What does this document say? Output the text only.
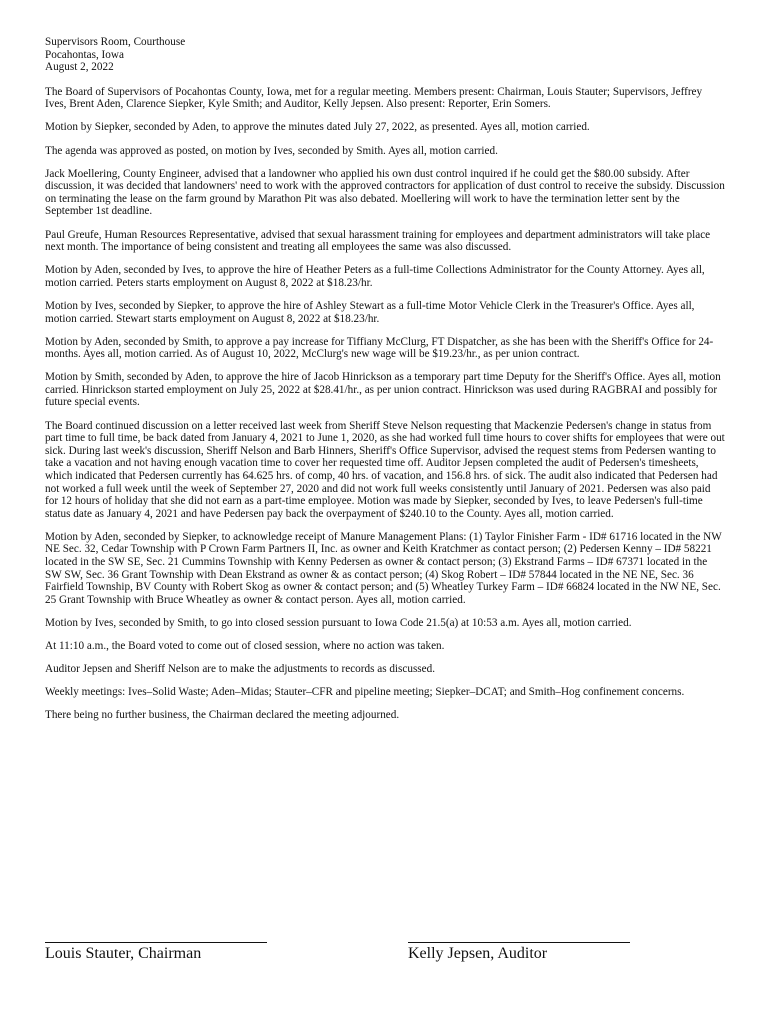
Supervisors Room, Courthouse
Pocahontas, Iowa
August 2, 2022

The Board of Supervisors of Pocahontas County, Iowa, met for a regular meeting. Members present: Chairman, Louis Stauter; Supervisors, Jeffrey Ives, Brent Aden, Clarence Siepker, Kyle Smith; and Auditor, Kelly Jepsen. Also present: Reporter, Erin Somers.

Motion by Siepker, seconded by Aden, to approve the minutes dated July 27, 2022, as presented. Ayes all, motion carried.

The agenda was approved as posted, on motion by Ives, seconded by Smith. Ayes all, motion carried.

Jack Moellering, County Engineer, advised that a landowner who applied his own dust control inquired if he could get the $80.00 subsidy. After discussion, it was decided that landowners' need to work with the approved contractors for application of dust control to receive the subsidy. Discussion on terminating the lease on the farm ground by Marathon Pit was also debated. Moellering will work to have the termination letter sent by the September 1st deadline.

Paul Greufe, Human Resources Representative, advised that sexual harassment training for employees and department administrators will take place next month. The importance of being consistent and treating all employees the same was also discussed.

Motion by Aden, seconded by Ives, to approve the hire of Heather Peters as a full-time Collections Administrator for the County Attorney. Ayes all, motion carried. Peters starts employment on August 8, 2022 at $18.23/hr.

Motion by Ives, seconded by Siepker, to approve the hire of Ashley Stewart as a full-time Motor Vehicle Clerk in the Treasurer's Office. Ayes all, motion carried. Stewart starts employment on August 8, 2022 at $18.23/hr.

Motion by Aden, seconded by Smith, to approve a pay increase for Tiffiany McClurg, FT Dispatcher, as she has been with the Sheriff's Office for 24-months. Ayes all, motion carried. As of August 10, 2022, McClurg's new wage will be $19.23/hr., as per union contract.

Motion by Smith, seconded by Aden, to approve the hire of Jacob Hinrickson as a temporary part time Deputy for the Sheriff's Office. Ayes all, motion carried. Hinrickson started employment on July 25, 2022 at $28.41/hr., as per union contract. Hinrickson was used during RAGBRAI and possibly for future special events.

The Board continued discussion on a letter received last week from Sheriff Steve Nelson requesting that Mackenzie Pedersen's change in status from part time to full time, be back dated from January 4, 2021 to June 1, 2020, as she had worked full time hours to cover shifts for employees that were out sick. During last week's discussion, Sheriff Nelson and Barb Hinners, Sheriff's Office Supervisor, advised the request stems from Pedersen wanting to take a vacation and not having enough vacation time to cover her requested time off. Auditor Jepsen completed the audit of Pedersen's timesheets, which indicated that Pedersen currently has 64.625 hrs. of comp, 40 hrs. of vacation, and 156.8 hrs. of sick. The audit also indicated that Pedersen had not worked a full week until the week of September 27, 2020 and did not work full weeks consistently until January of 2021. Pedersen was also paid for 12 hours of holiday that she did not earn as a part-time employee. Motion was made by Siepker, seconded by Ives, to leave Pedersen's full-time status date as January 4, 2021 and have Pedersen pay back the overpayment of $240.10 to the County. Ayes all, motion carried.

Motion by Aden, seconded by Siepker, to acknowledge receipt of Manure Management Plans: (1) Taylor Finisher Farm - ID# 61716 located in the NW NE Sec. 32, Cedar Township with P Crown Farm Partners II, Inc. as owner and Keith Kratchmer as contact person; (2) Pedersen Kenny – ID# 58221 located in the SW SE, Sec. 21 Cummins Township with Kenny Pedersen as owner & contact person; (3) Ekstrand Farms – ID# 67371 located in the SW SW, Sec. 36 Grant Township with Dean Ekstrand as owner & as contact person; (4) Skog Robert – ID# 57844 located in the NE NE, Sec. 36 Fairfield Township, BV County with Robert Skog as owner & contact person; and (5) Wheatley Turkey Farm – ID# 66824 located in the NW NE, Sec. 25 Grant Township with Bruce Wheatley as owner & contact person. Ayes all, motion carried.

Motion by Ives, seconded by Smith, to go into closed session pursuant to Iowa Code 21.5(a) at 10:53 a.m. Ayes all, motion carried.

At 11:10 a.m., the Board voted to come out of closed session, where no action was taken.

Auditor Jepsen and Sheriff Nelson are to make the adjustments to records as discussed.

Weekly meetings: Ives–Solid Waste; Aden–Midas; Stauter–CFR and pipeline meeting; Siepker–DCAT; and Smith–Hog confinement concerns.

There being no further business, the Chairman declared the meeting adjourned.

Louis Stauter, Chairman	Kelly Jepsen, Auditor
